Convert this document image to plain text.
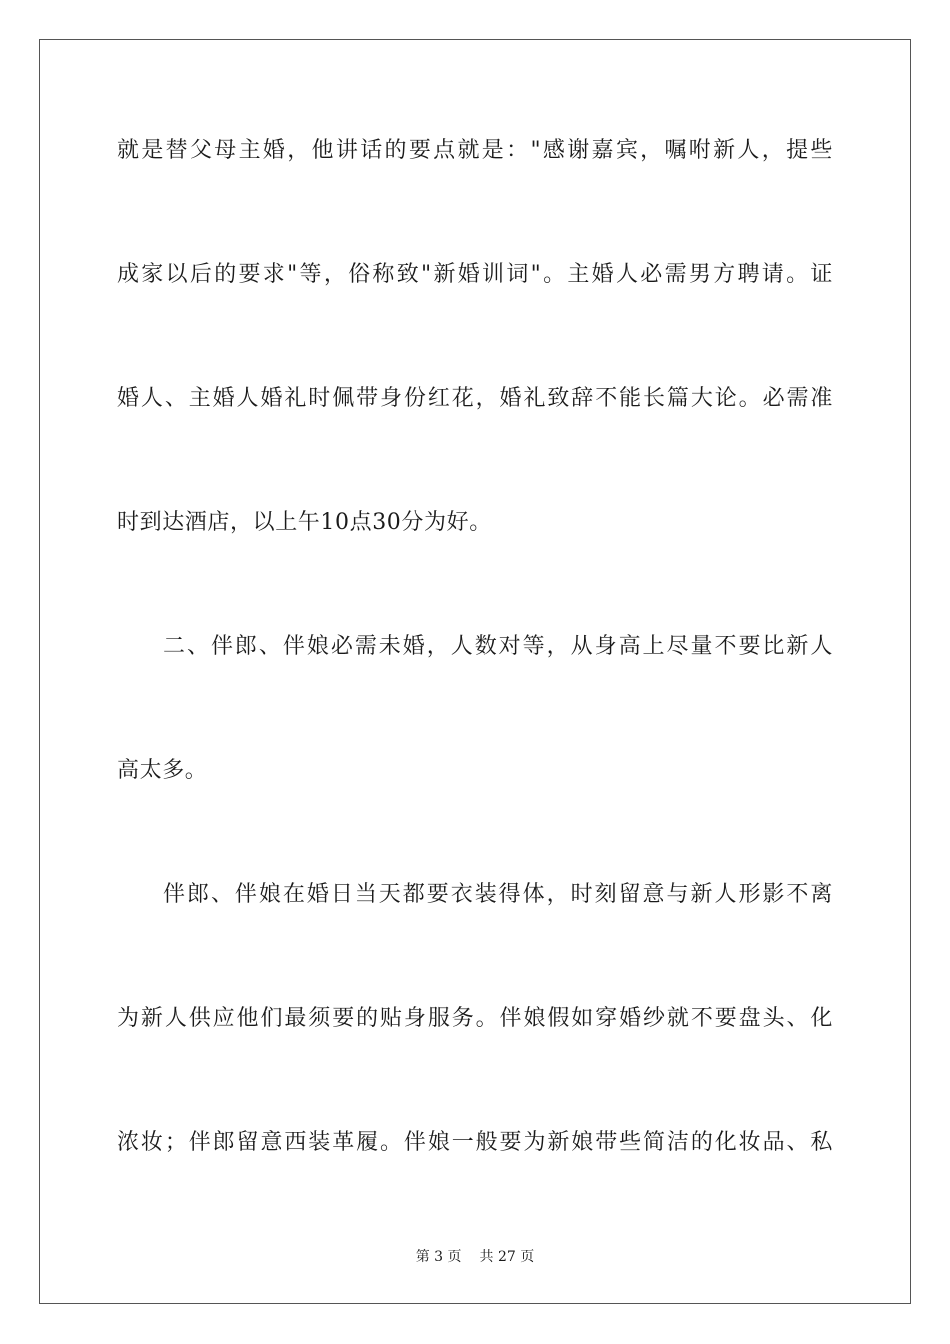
就是替父母主婚，他讲话的要点就是："感谢嘉宾，嘱咐新人，提些
成家以后的要求"等，俗称致"新婚训词"。主婚人必需男方聘请。证
婚人、主婚人婚礼时佩带身份红花，婚礼致辞不能长篇大论。必需准
时到达酒店，以上午10点30分为好。
二、伴郎、伴娘必需未婚，人数对等，从身高上尽量不要比新人
高太多。
伴郎、伴娘在婚日当天都要衣装得体，时刻留意与新人形影不离
为新人供应他们最须要的贴身服务。伴娘假如穿婚纱就不要盘头、化
浓妆；伴郎留意西装革履。伴娘一般要为新娘带些简洁的化妆品、私
第 3 页 共 27 页
